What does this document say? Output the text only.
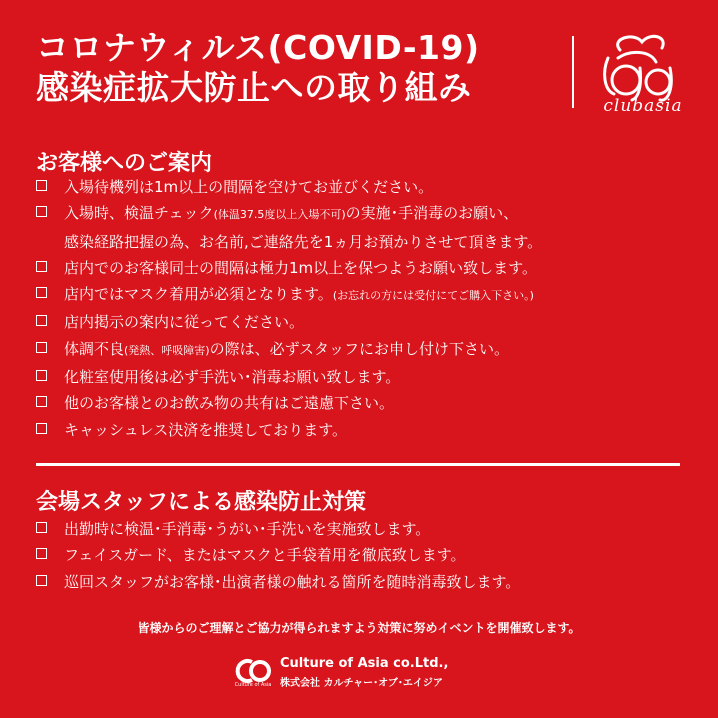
コロナウィルス(COVID-19)
感染症拡大防止への取り組み	clubasia
お客様へのご案内
入場待機列は1m以上の間隔を空けてお並びください。
入場時、検温チェック(体温37.5度以上入場不可)の実施･手消毒のお願い、
感染経路把握の為、お名前,ご連絡先を1ヵ月お預かりさせて頂きます。
店内でのお客様同士の間隔は極力1m以上を保つようお願い致します。
店内ではマスク着用が必須となります。(お忘れの方には受付にてご購入下さい。)
店内掲示の案内に従ってください。
体調不良(発熱、呼吸障害)の際は、必ずスタッフにお申し付け下さい。
化粧室使用後は必ず手洗い･消毒お願い致します。
他のお客様とのお飲み物の共有はご遠慮下さい。
キャッシュレス決済を推奨しております。
会場スタッフによる感染防止対策
出勤時に検温･手消毒･うがい･手洗いを実施致します。
フェイスガード、またはマスクと手袋着用を徹底致します。
巡回スタッフがお客様･出演者様の触れる箇所を随時消毒致します。
皆様からのご理解とご協力が得られますよう対策に努めイベントを開催致します。
Culture of Asia
Culture of Asia co.Ltd.,
株式会社 カルチャー･オブ･エイジア
